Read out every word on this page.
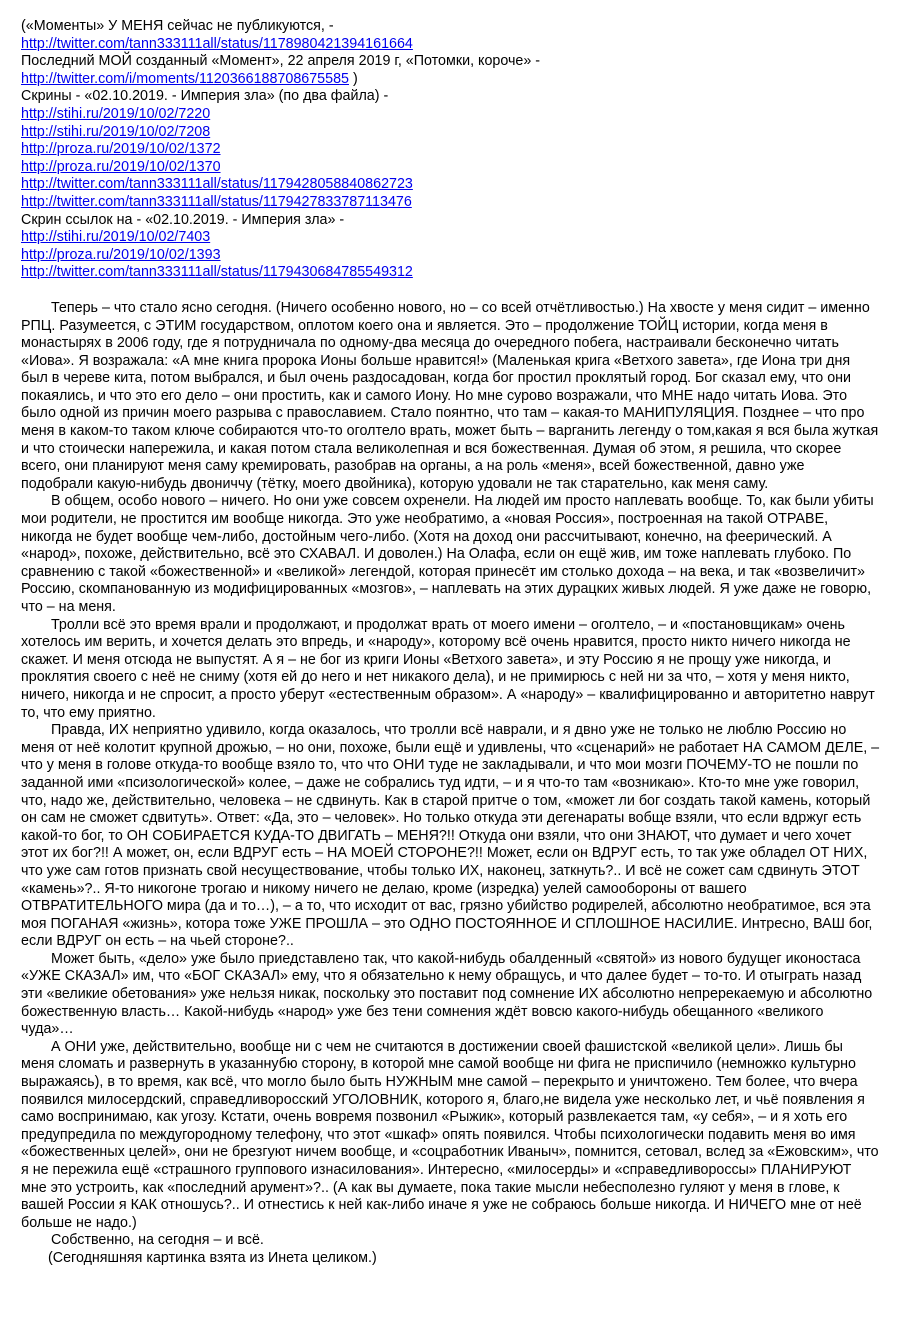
(«Моменты» У МЕНЯ сейчас не публикуются, -
http://twitter.com/tann333111all/status/1178980421394161664
Последний МОЙ созданный «Момент», 22 апреля 2019 г, «Потомки, короче» -
http://twitter.com/i/moments/1120366188708675585 )
Скрины - «02.10.2019. - Империя зла» (по два файла) -
http://stihi.ru/2019/10/02/7220
http://stihi.ru/2019/10/02/7208
http://proza.ru/2019/10/02/1372
http://proza.ru/2019/10/02/1370
http://twitter.com/tann333111all/status/1179428058840862723
http://twitter.com/tann333111all/status/1179427833787113476
Скрин ссылок на - «02.10.2019. - Империя зла» -
http://stihi.ru/2019/10/02/7403
http://proza.ru/2019/10/02/1393
http://twitter.com/tann333111all/status/1179430684785549312

Теперь – что стало ясно сегодня. (Ничего особенно нового, но – со всей отчётливостью.) На хвосте у меня сидит – именно РПЦ. Разумеется, с ЭТИМ государством, оплотом коего она и является. Это – продолжение ТОЙЦ истории, когда меня в монастырях в 2006 году, где я потрудничала по одному-два месяца до очередного побега, настраивали бесконечно читать «Иова». Я возражала: «А мне книга пророка Ионы больше нравится!» (Маленькая крига «Ветхого завета», где Иона три дня был в череве кита, потом выбрался, и был очень раздосадован, когда бог простил проклятый город. Бог сказал ему, что они покаялись, и что это его дело – они простить, как и самого Иону. Но мне сурово возражали, что МНЕ надо читать Иова. Это было одной из причин моего разрыва с православием. Стало поянтно, что там – какая-то МАНИПУЛЯЦИЯ. Позднее – что про меня в каком-то таком ключе собираются что-то оголтело врать, может быть – варганить легенду о том,какая я вся была жуткая и что стоически напережила, и какая потом стала великолепная и вся божественная. Думая об этом, я решила, что скорее всего, они планируют меня саму кремировать, разобрав на органы, а на роль «меня», всей божественной, давно уже подобрали какую-нибудь двониччу (тётку, моего двойника), которую удовали не так старательно, как меня саму.

В общем, особо нового – ничего. Но они уже совсем охренели. На людей им просто наплевать вообще. То, как были убиты мои родители, не простится им вообще никогда. Это уже необратимо, а «новая Россия», построенная на такой ОТРАВЕ, никогда не будет вообще чем-либо, достойным чего-либо. (Хотя на доход они рассчитывают, конечно, на феерический. А «народ», похоже, действительно, всё это СХАВАЛ. И доволен.) На Олафа, если он ещё жив, им тоже наплевать глубоко. По сравнению с такой «божественной» и «великой» легендой, которая принесёт им столько дохода – на века, и так «возвеличит» Россию, скомпанованную из модифицированных «мозгов», – наплевать на этих дурацких живых людей. Я уже даже не говорю, что – на меня.

Тролли всё это время врали и продолжают, и продолжат врать от моего имени – оголтело, – и «постановщикам» очень хотелось им верить, и хочется делать это впредь, и «народу», которому всё очень нравится, просто никто ничего никогда не скажет. И меня отсюда не выпустят. А я – не бог из криги Ионы «Ветхого завета», и эту Россию я не прощу уже никогда, и проклятия своего с неё не сниму (хотя ей до него и нет никакого дела), и не примирюсь с ней ни за что, – хотя у меня никто, ничего, никогда и не спросит, а просто уберут «естественным образом». А «народу» – квалифицированно и авторитетно наврут то, что ему приятно.

Правда, ИХ неприятно удивило, когда оказалось, что тролли всё наврали, и я двно уже не только не люблю Россию но меня от неё колотит крупной дрожью, – но они, похоже, были ещё и удивлены, что «сценарий» не работает НА САМОМ ДЕЛЕ, – что у меня в голове откуда-то вообще взяло то, что что ОНИ туде не закладывали, и что мои мозги ПОЧЕМУ-ТО не пошли по заданной ими «псизологической» колее, – даже не собрались туд идти, – и я что-то там «возникаю». Кто-то мне уже говорил, что, надо же, действительно, человека – не сдвинуть. Как в старой притче о том, «может ли бог создать такой камень, который он сам не сможет сдвитуть». Ответ: «Да, это – человек». Но только откуда эти дегенараты вобще взяли, что если вдржуг есть какой-то бог, то ОН СОБИРАЕТСЯ КУДА-ТО ДВИГАТЬ – МЕНЯ?!! Откуда они взяли, что они ЗНАЮТ, что думает и чего хочет этот их бог?!! А может, он, если ВДРУГ есть – НА МОЕЙ СТОРОНЕ?!! Может, если он ВДРУГ есть, то так уже обладел ОТ НИХ, что уже сам готов признать свой несуществование, чтобы только ИХ, наконец, заткнуть?.. И всё не сожет сам сдвинуть ЭТОТ «камень»?.. Я-то никогоне трогаю и никому ничего не делаю, кроме (изредка) уелей самообороны от вашего ОТВРАТИТЕЛЬНОГО мира (да и то…), – а то, что исходит от вас, грязно убийство родирелей, абсолютно необратимое, вся эта моя ПОГАНАЯ «жизнь», котора тоже УЖЕ ПРОШЛА – это ОДНО ПОСТОЯННОЕ И СПЛОШНОЕ НАСИЛИЕ. Интресно, ВАШ бог, если ВДРУГ он есть – на чьей стороне?..

Может быть, «дело» уже было приедставлено так, что какой-нибудь обалденный «святой» из нового будущег иконостаса «УЖЕ СКАЗАЛ» им, что «БОГ СКАЗАЛ» ему, что я обязательно к нему обращусь, и что далее будет – то-то. И отыграть назад эти «великие обетования» уже нельзя никак, поскольку это поставит под сомнение ИХ абсолютно непререкаемую и абсолютно божественную власть… Какой-нибудь «народ» уже без тени сомнения ждёт вовсю какого-нибудь обещанного «великого чуда»…

А ОНИ уже, действительно, вообще ни с чем не считаются в достижении своей фашистской «великой цели». Лишь бы меня сломать и развернуть в указаннубю сторону, в которой мне самой вообще ни фига не приспичило (немножко культурно выражаясь), в то время, как всё, что могло было быть НУЖНЫМ мне самой – перекрыто и уничтожено. Тем более, что вчера появился милосердский, справедливоросский УГОЛОВНИК, которого я, благо,не видела уже несколько лет, и чьё появления я само воспринимаю, как угозу. Кстати, очень вовремя позвонил «Рыжик», который развлекается там, «у себя», – и я хоть его предупредила по междугородному телефону, что этот «шкаф» опять появился. Чтобы психологически подавить меня во имя «божественных целей», они не брезгуют ничем вообще, и «соцработник Иваныч», помнится, сетовал, вслед за «Ежовским», что я не пережила ещё «страшного группового изнасилования». Интересно, «милосерды» и «справедливороссы» ПЛАНИРУЮТ мне это устроить, как «последний арумент»?.. (А как вы думаете, пока такие мысли небесполезно гуляют у меня в глове, к вашей России я КАК отношусь?.. И отнестись к ней как-либо иначе я уже не собраюсь больше никогда. И НИЧЕГО мне от неё больше не надо.)

Собственно, на сегодня – и всё.

(Сегодняшняя картинка взята из Инета целиком.)
